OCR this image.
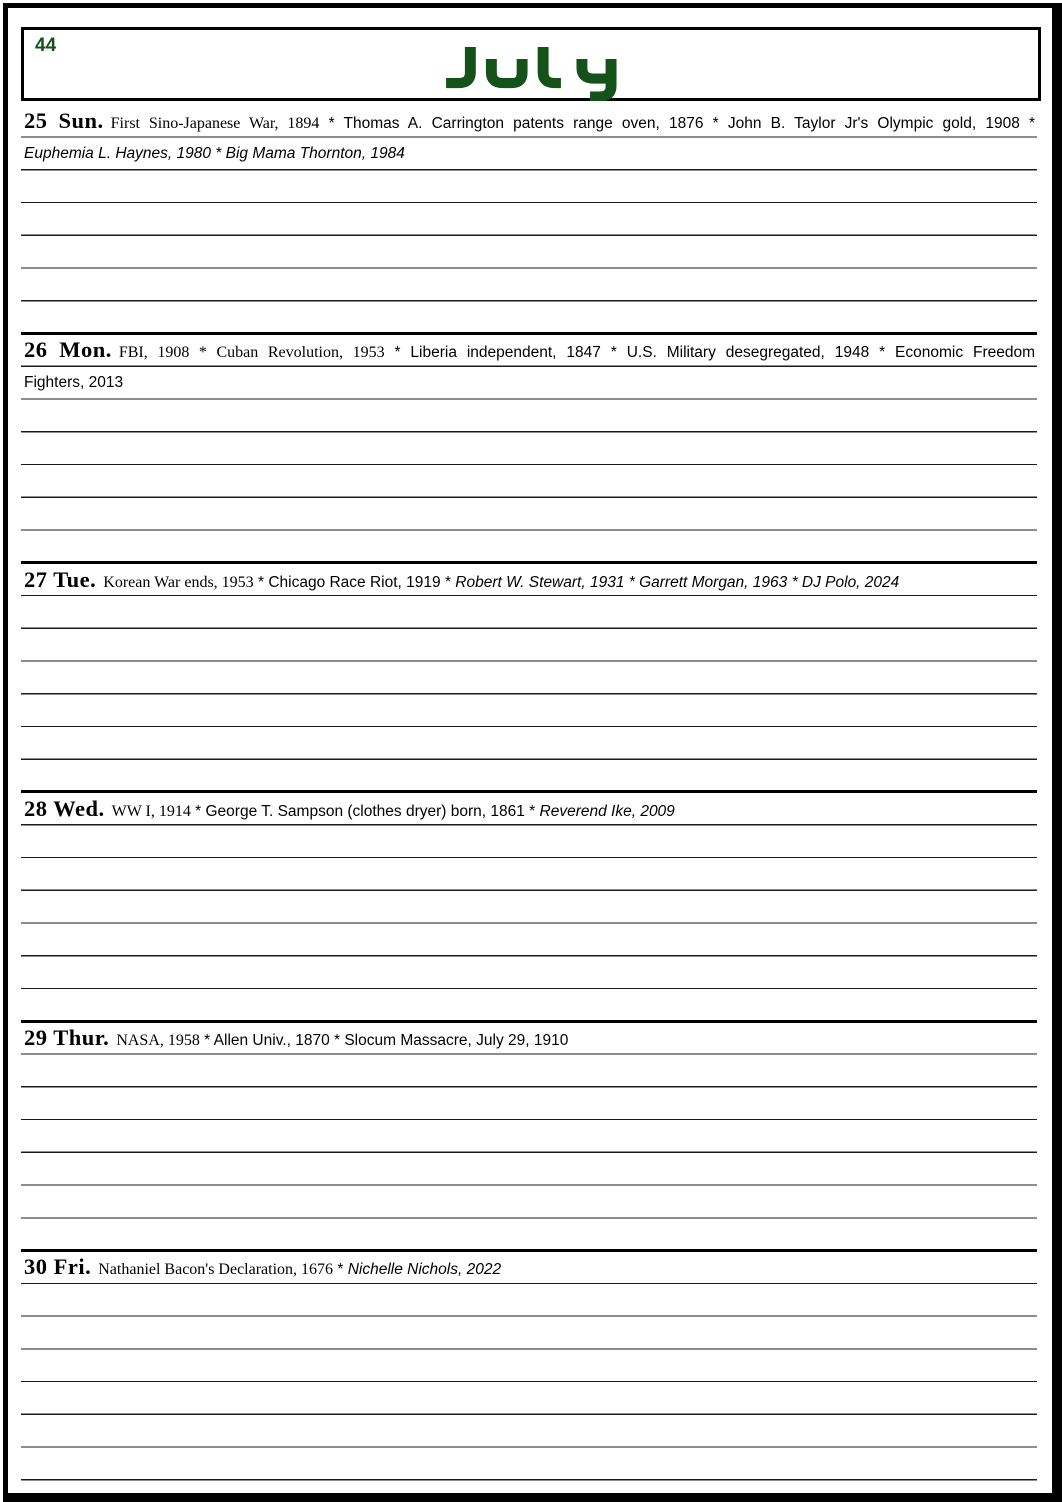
44
25 Sun. First Sino-Japanese War, 1894 * Thomas A. Carrington patents range oven, 1876 * John B. Taylor Jr's Olympic gold, 1908 *
Euphemia L. Haynes, 1980 * Big Mama Thornton, 1984
26 Mon. FBI, 1908 * Cuban Revolution, 1953 * Liberia independent, 1847 * U.S. Military desegregated, 1948 * Economic Freedom
Fighters, 2013
27 Tue. Korean War ends, 1953 * Chicago Race Riot, 1919 * Robert W. Stewart, 1931 * Garrett Morgan, 1963 * DJ Polo, 2024
28 Wed. WW I, 1914 * George T. Sampson (clothes dryer) born, 1861 * Reverend Ike, 2009
29 Thur. NASA, 1958 * Allen Univ., 1870 * Slocum Massacre, July 29, 1910
30 Fri. Nathaniel Bacon's Declaration, 1676 * Nichelle Nichols, 2022
